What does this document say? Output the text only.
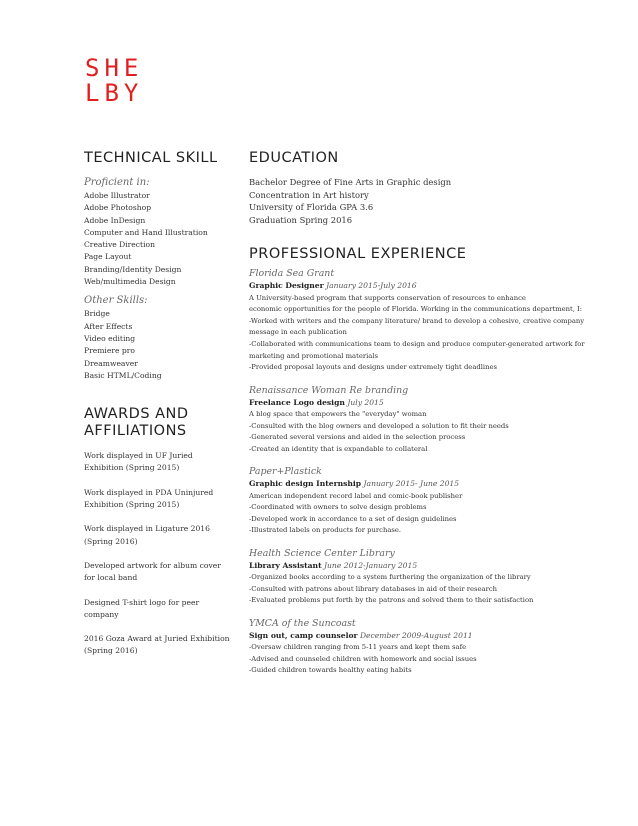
SHE
LBY
TECHNICAL SKILL
Proficient in:
Adobe Illustrator
Adobe Photoshop
Adobe InDesign
Computer and Hand Illustration
Creative Direction
Page Layout
Branding/Identity Design
Web/multimedia Design
Other Skills:
Bridge
After Effects
Video editing
Premiere pro
Dreamweaver
Basic HTML/Coding
AWARDS AND
AFFILIATIONS
Work displayed in UF Juried Exhibition (Spring 2015)
Work displayed in PDA Uninjured Exhibition (Spring 2015)
Work displayed in Ligature 2016 (Spring 2016)
Developed artwork for album cover for local band
Designed T-shirt logo for peer company
2016 Goza Award at Juried Exhibition (Spring 2016)
EDUCATION
Bachelor Degree of Fine Arts in Graphic design
Concentration in Art history
University of Florida GPA 3.6
Graduation Spring 2016
PROFESSIONAL EXPERIENCE
Florida Sea Grant
Graphic Designer January 2015-July 2016
A University-based program that supports conservation of resources to enhance
economic opportunities for the people of Florida. Working in the communications department, I:
-Worked with writers and the company literature/ brand to develop a cohesive, creative company
message in each publication
-Collaborated with communications team to design and produce computer-generated artwork for
marketing and promotional materials
-Provided proposal layouts and designs under extremely tight deadlines
Renaissance Woman Re branding
Freelance Logo design July 2015
A blog space that empowers the "everyday" woman
-Consulted with the blog owners and developed a solution to fit their needs
-Generated several versions and aided in the selection process
-Created an identity that is expandable to collateral
Paper+Plastick
Graphic design Internship January 2015- June 2015
American independent record label and comic-book publisher
-Coordinated with owners to solve design problems
-Developed work in accordance to a set of design guidelines
-Illustrated labels on products for purchase.
Health Science Center Library
Library Assistant June 2012-January 2015
-Organized books according to a system furthering the organization of the library
-Consulted with patrons about library databases in aid of their research
-Evaluated problems put forth by the patrons and solved them to their satisfaction
YMCA of the Suncoast
Sign out, camp counselor December 2009-August 2011
-Oversaw children ranging from 5-11 years and kept them safe
-Advised and counseled children with homework and social issues
-Guided children towards healthy eating habits
